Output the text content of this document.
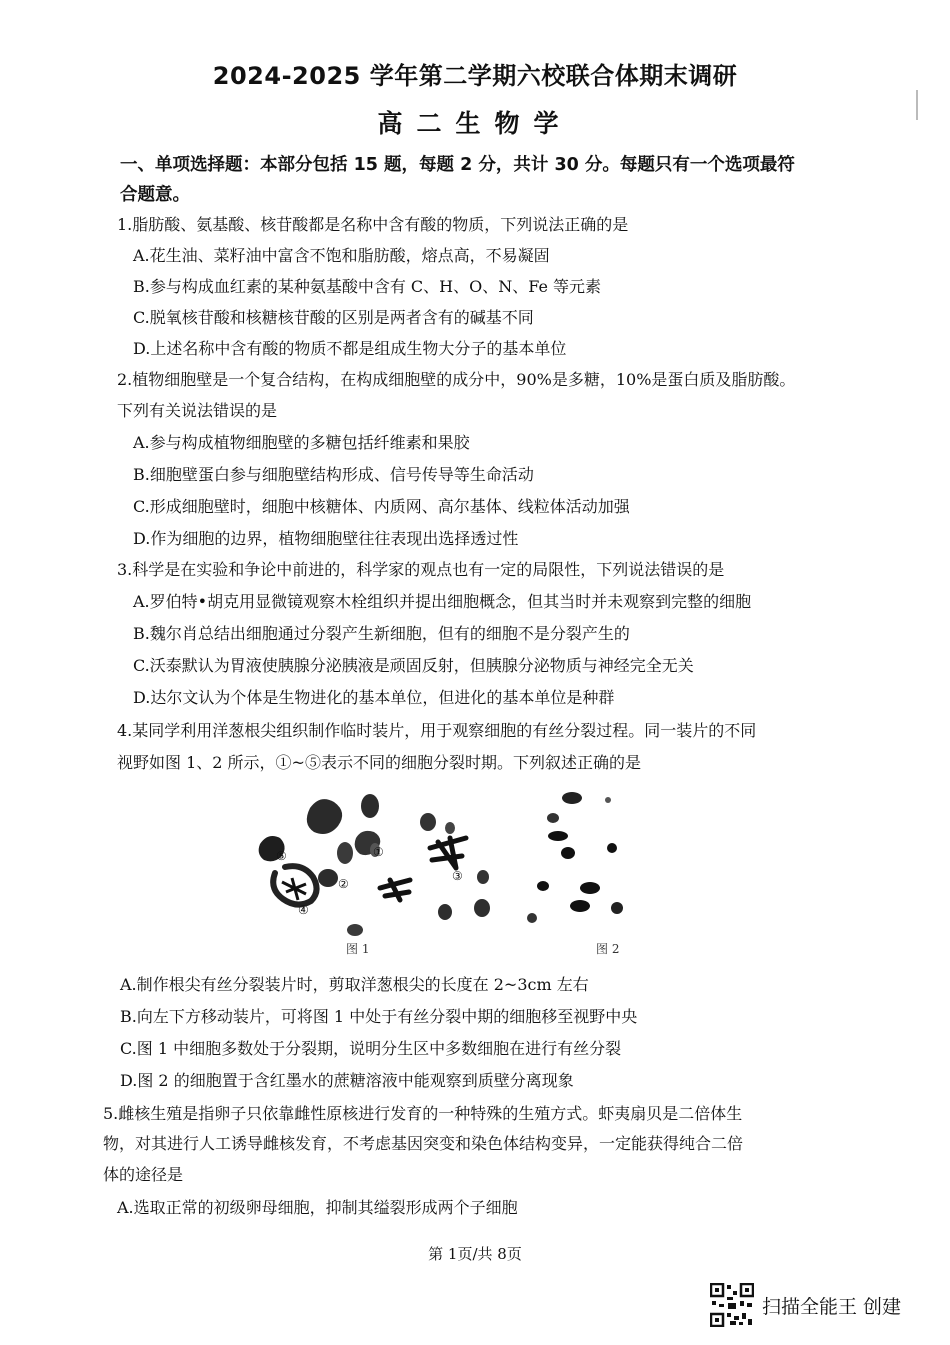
2024-2025 学年第二学期六校联合体期末调研
高二生物学
一、单项选择题：本部分包括 15 题，每题 2 分，共计 30 分。每题只有一个选项最符合题意。
1.脂肪酸、氨基酸、核苷酸都是名称中含有酸的物质，下列说法正确的是
A.花生油、菜籽油中富含不饱和脂肪酸，熔点高，不易凝固
B.参与构成血红素的某种氨基酸中含有 C、H、O、N、Fe 等元素
C.脱氧核苷酸和核糖核苷酸的区别是两者含有的碱基不同
D.上述名称中含有酸的物质不都是组成生物大分子的基本单位
2.植物细胞壁是一个复合结构，在构成细胞壁的成分中，90%是多糖，10%是蛋白质及脂肪酸。
下列有关说法错误的是
A.参与构成植物细胞壁的多糖包括纤维素和果胶
B.细胞壁蛋白参与细胞壁结构形成、信号传导等生命活动
C.形成细胞壁时，细胞中核糖体、内质网、高尔基体、线粒体活动加强
D.作为细胞的边界，植物细胞壁往往表现出选择透过性
3.科学是在实验和争论中前进的，科学家的观点也有一定的局限性，下列说法错误的是
A.罗伯特•胡克用显微镜观察木栓组织并提出细胞概念，但其当时并未观察到完整的细胞
B.魏尔肖总结出细胞通过分裂产生新细胞，但有的细胞不是分裂产生的
C.沃泰默认为胃液使胰腺分泌胰液是顽固反射，但胰腺分泌物质与神经完全无关
D.达尔文认为个体是生物进化的基本单位，但进化的基本单位是种群
4.某同学利用洋葱根尖组织制作临时装片，用于观察细胞的有丝分裂过程。同一装片的不同
视野如图 1、2 所示，①~⑤表示不同的细胞分裂时期。下列叙述正确的是
①
②
③
④
⑤
图 1	图 2
A.制作根尖有丝分裂装片时，剪取洋葱根尖的长度在 2~3cm 左右
B.向左下方移动装片，可将图 1 中处于有丝分裂中期的细胞移至视野中央
C.图 1 中细胞多数处于分裂期，说明分生区中多数细胞在进行有丝分裂
D.图 2 的细胞置于含红墨水的蔗糖溶液中能观察到质壁分离现象
5.雌核生殖是指卵子只依靠雌性原核进行发育的一种特殊的生殖方式。虾夷扇贝是二倍体生
物，对其进行人工诱导雌核发育，不考虑基因突变和染色体结构变异，一定能获得纯合二倍
体的途径是
A.选取正常的初级卵母细胞，抑制其缢裂形成两个子细胞
第 1页/共 8页
扫描全能王 创建
